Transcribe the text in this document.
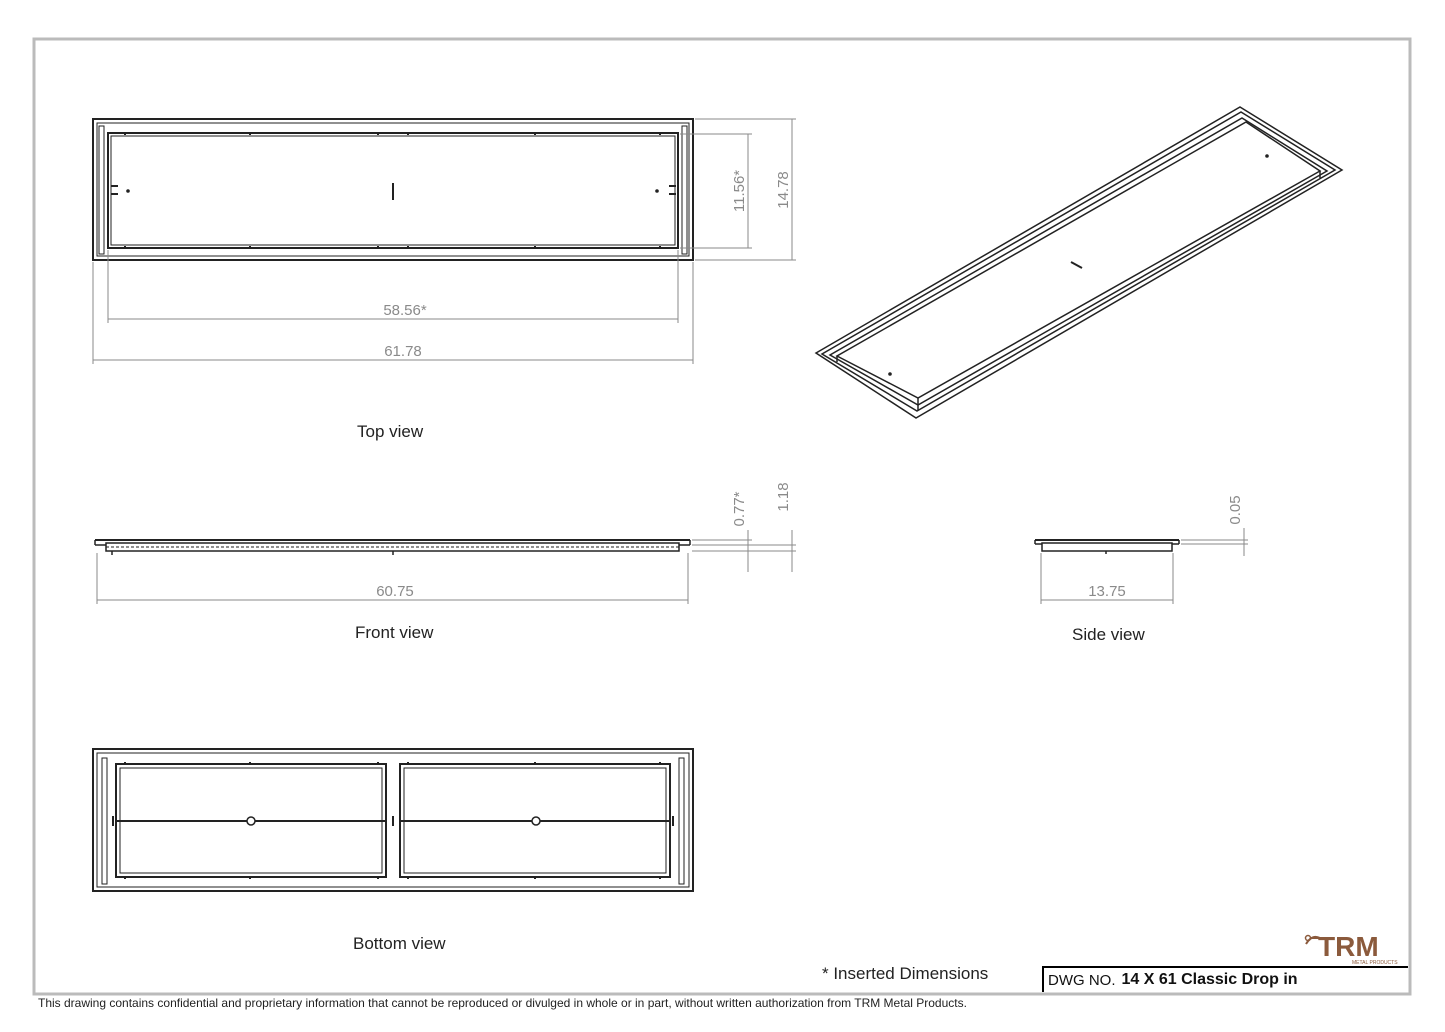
58.56*
61.78
11.56* 14.78
60.75
0.77* 1.18
13.75
0.05
Top view
Front view	Side view
Bottom view
* Inserted Dimensions
TRM
METAL PRODUCTS
DWG NO. 14 X 61 Classic Drop in
This drawing contains confidential and proprietary information that cannot be reproduced or divulged in whole or in part, without written authorization from TRM Metal Products.
